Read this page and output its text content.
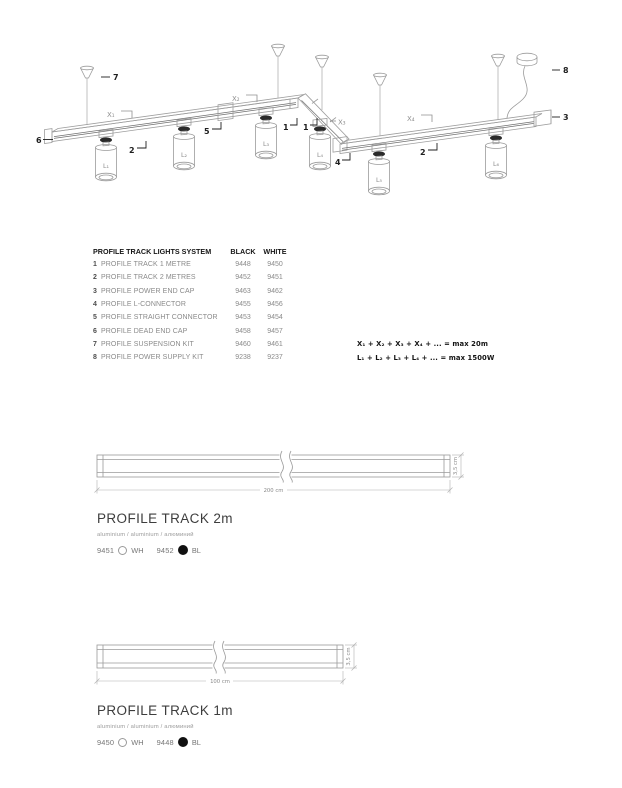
L₁
L₂
L₃
L₄
L₅
L₆
X₁
X₂
X₃	X₄
6
7
2
5	1 1
4
2
3
8
PROFILE TRACK LIGHTS SYSTEM	BLACK	WHITE
1 PROFILE TRACK 1 METRE	9448	9450
2 PROFILE TRACK 2 METRES	9452	9451
3 PROFILE POWER END CAP	9463	9462
4 PROFILE L-CONNECTOR	9455	9456
5 PROFILE STRAIGHT CONNECTOR	9453	9454
6 PROFILE DEAD END CAP	9458	9457
7 PROFILE SUSPENSION KIT	9460	9461
8 PROFILE POWER SUPPLY KIT	9238	9237
X₁ + X₂ + X₃ + X₄ + ... = max 20m
L₁ + L₂ + L₃ + L₄ + ... = max 1500W
200 cm
3,5 cm
PROFILE TRACK 2m
aluminium / aluminium / алюминий
9451 WH 9452 BL
100 cm
3,5 cm
PROFILE TRACK 1m
aluminium / aluminium / алюминий
9450 WH 9448 BL
